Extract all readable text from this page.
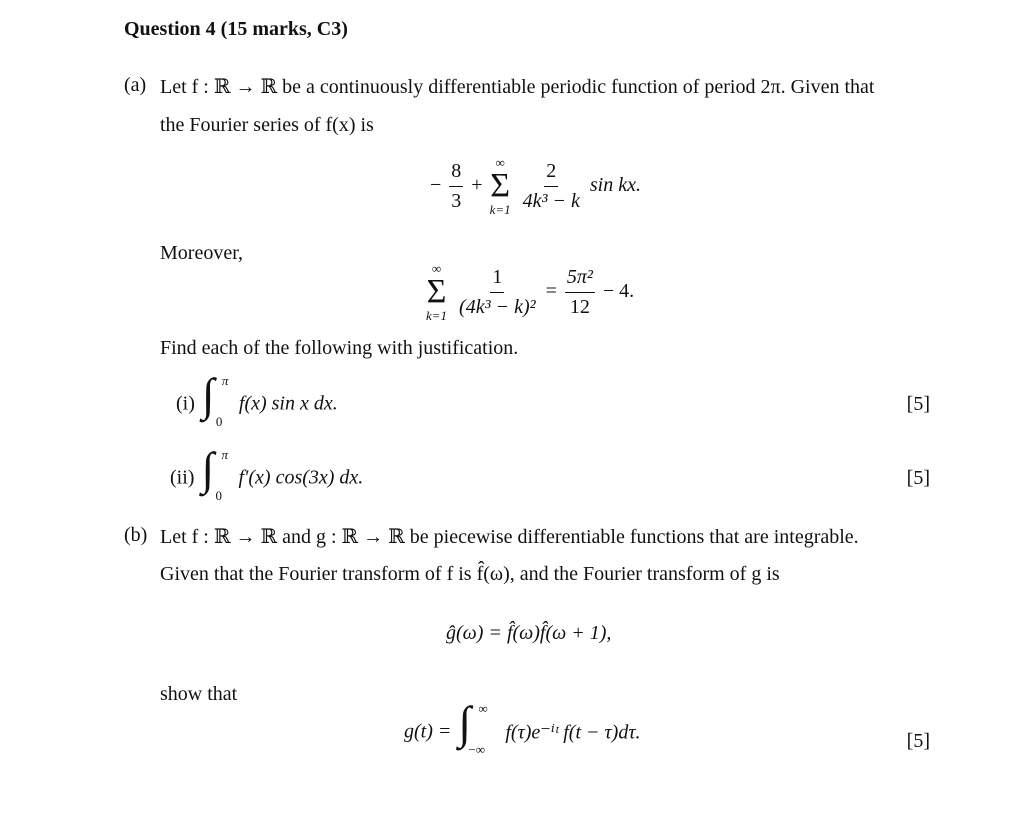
Question 4 (15 marks, C3)
(a) Let f : ℝ → ℝ be a continuously differentiable periodic function of period 2π. Given that
the Fourier series of f(x) is
− $\frac{8}{3}$ +
∞
Σ
k=1
$\frac{2}{\text{4k³ − k}}$ sin kx.
Moreover,
∞
Σ
k=1
$\frac{1}{\text{(4k³ − k)²}} = \frac{\text{5π²}}{12} - 4$.
Find each of the following with justification.
(i) ∫ π
0
f(x) sin x dx.	[5]
(ii) ∫ π
0
f′(x) cos(3x) dx.	[5]
(b) Let f : ℝ → ℝ and g : ℝ → ℝ be piecewise differentiable functions that are integrable.
Given that the Fourier transform of f is f̂(ω), and the Fourier transform of g is
ĝ(ω) = f̂(ω)f̂(ω + 1),
show that
g(t) = ∫ ∞
−∞
f(τ)e⁻ⁱᵗ f(t − τ)dτ.	[5]
